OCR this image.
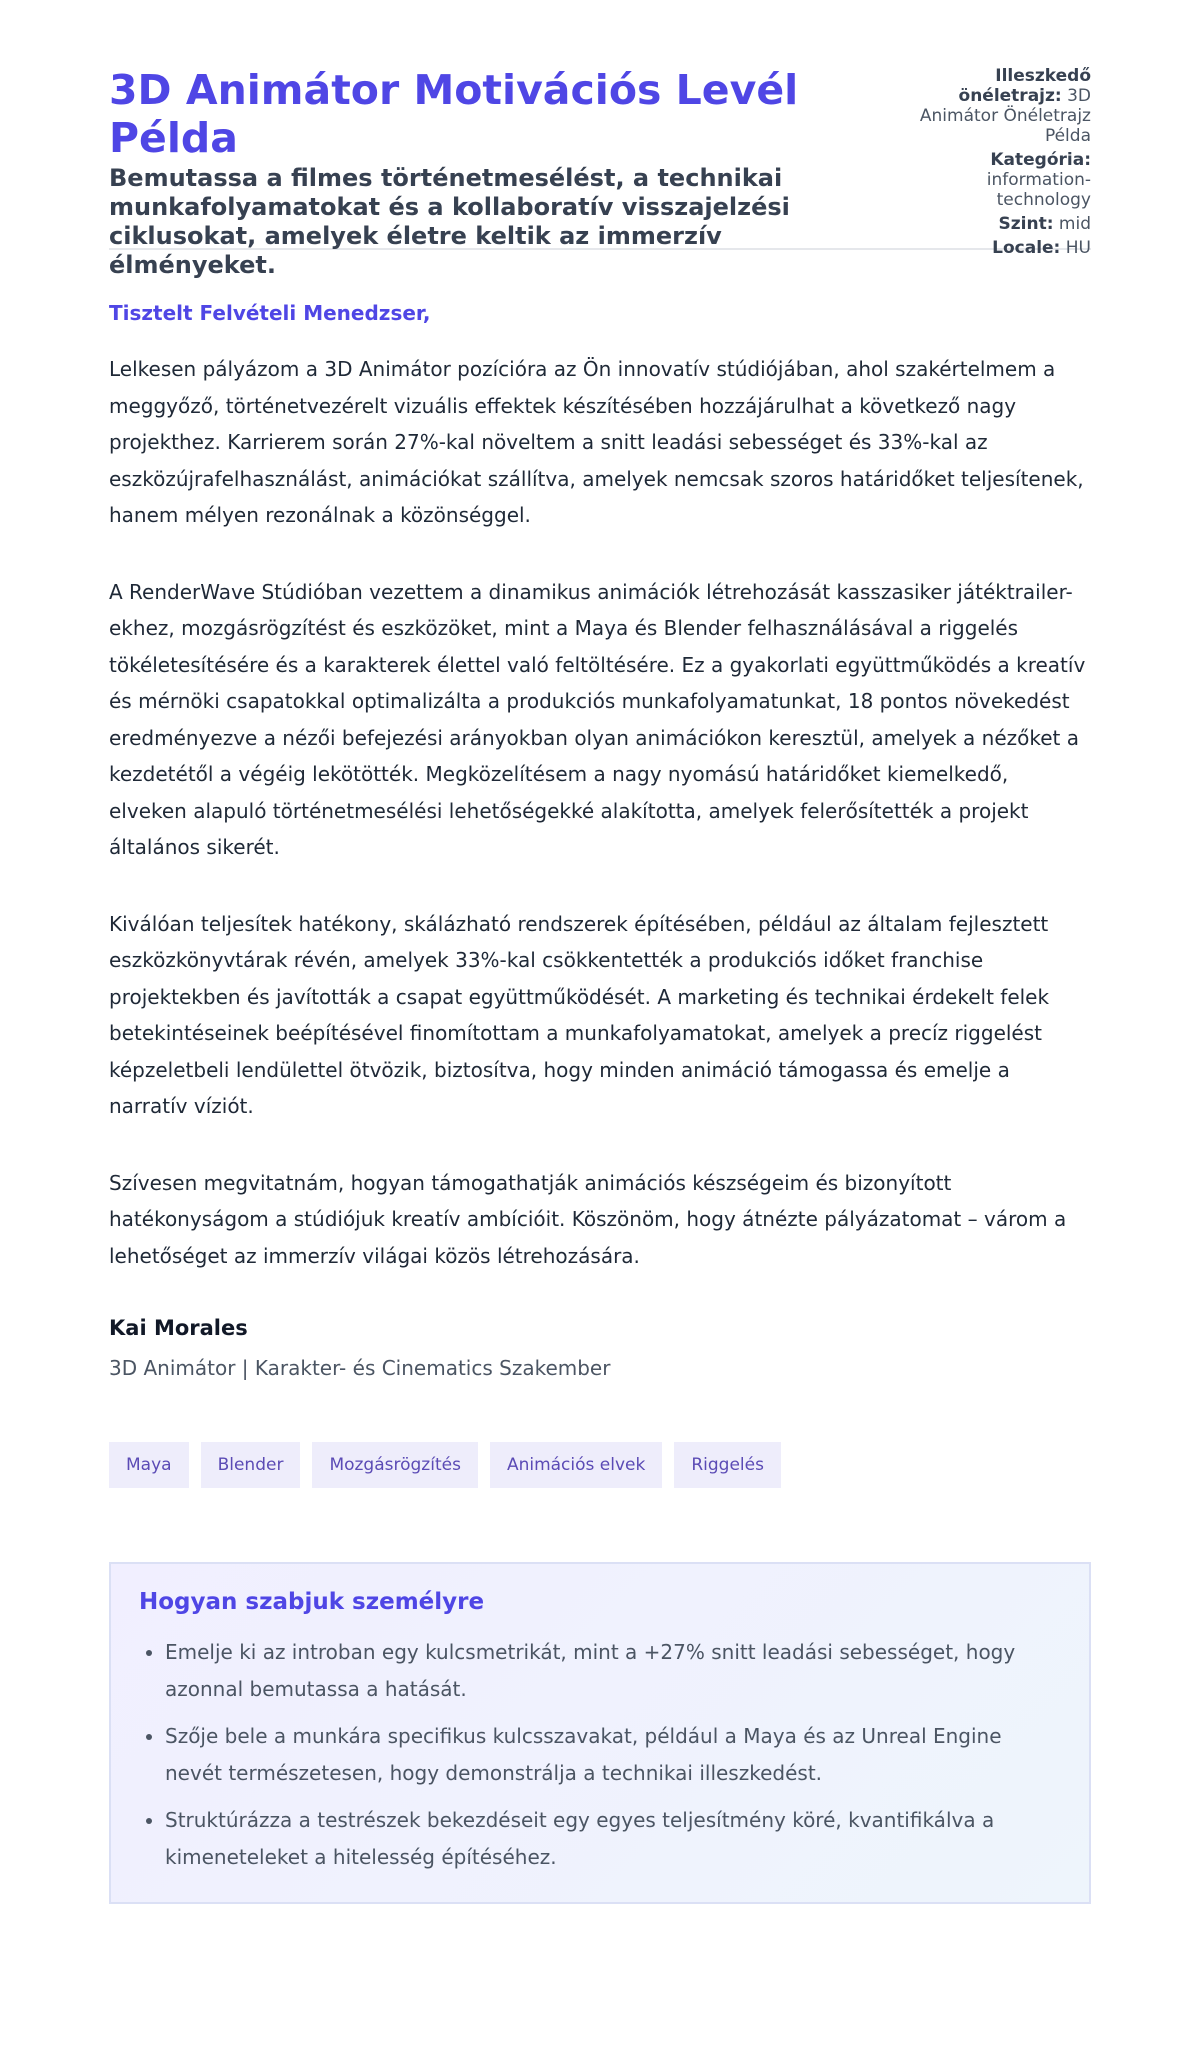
3D Animátor Motivációs Levél Példa
Bemutassa a filmes történetmesélést, a technikai munkafolyamatokat és a kollaboratív visszajelzési ciklusokat, amelyek életre keltik az immerzív élményeket.
Illeszkedő önéletrajz: 3D Animátor Önéletrajz Példa
Kategória: information-technology
Szint: mid
Locale: HU

Tisztelt Felvételi Menedzser,

Lelkesen pályázom a 3D Animátor pozícióra az Ön innovatív stúdiójában, ahol szakértelmem a meggyőző, történetvezérelt vizuális effektek készítésében hozzájárulhat a következő nagy projekthez. Karrierem során 27%-kal növeltem a snitt leadási sebességet és 33%-kal az eszközújrafelhasználást, animációkat szállítva, amelyek nemcsak szoros határidőket teljesítenek, hanem mélyen rezonálnak a közönséggel.

A RenderWave Stúdióban vezettem a dinamikus animációk létrehozását kasszasiker játéktrailer-ekhez, mozgásrögzítést és eszközöket, mint a Maya és Blender felhasználásával a riggelés tökéletesítésére és a karakterek élettel való feltöltésére. Ez a gyakorlati együttműködés a kreatív és mérnöki csapatokkal optimalizálta a produkciós munkafolyamatunkat, 18 pontos növekedést eredményezve a nézői befejezési arányokban olyan animációkon keresztül, amelyek a nézőket a kezdetétől a végéig lekötötték. Megközelítésem a nagy nyomású határidőket kiemelkedő, elveken alapuló történetmesélési lehetőségekké alakította, amelyek felerősítették a projekt általános sikerét.

Kiválóan teljesítek hatékony, skálázható rendszerek építésében, például az általam fejlesztett eszközkönyvtárak révén, amelyek 33%-kal csökkentették a produkciós időket franchise projektekben és javították a csapat együttműködését. A marketing és technikai érdekelt felek betekintéseinek beépítésével finomítottam a munkafolyamatokat, amelyek a precíz riggelést képzeletbeli lendülettel ötvözik, biztosítva, hogy minden animáció támogassa és emelje a narratív víziót.

Szívesen megvitatnám, hogyan támogathatják animációs készségeim és bizonyított hatékonyságom a stúdiójuk kreatív ambícióit. Köszönöm, hogy átnézte pályázatomat – várom a lehetőséget az immerzív világai közös létrehozására.

Kai Morales
3D Animátor | Karakter- és Cinematics Szakember
Maya	Blender	Mozgásrögzítés	Animációs elvek	Riggelés
Hogyan szabjuk személyre
• Emelje ki az introban egy kulcsmetrikát, mint a +27% snitt leadási sebességet, hogy azonnal bemutassa a hatását.
• Szője bele a munkára specifikus kulcsszavakat, például a Maya és az Unreal Engine nevét természetesen, hogy demonstrálja a technikai illeszkedést.
• Struktúrázza a testrészek bekezdéseit egy egyes teljesítmény köré, kvantifikálva a kimeneteleket a hitelesség építéséhez.
